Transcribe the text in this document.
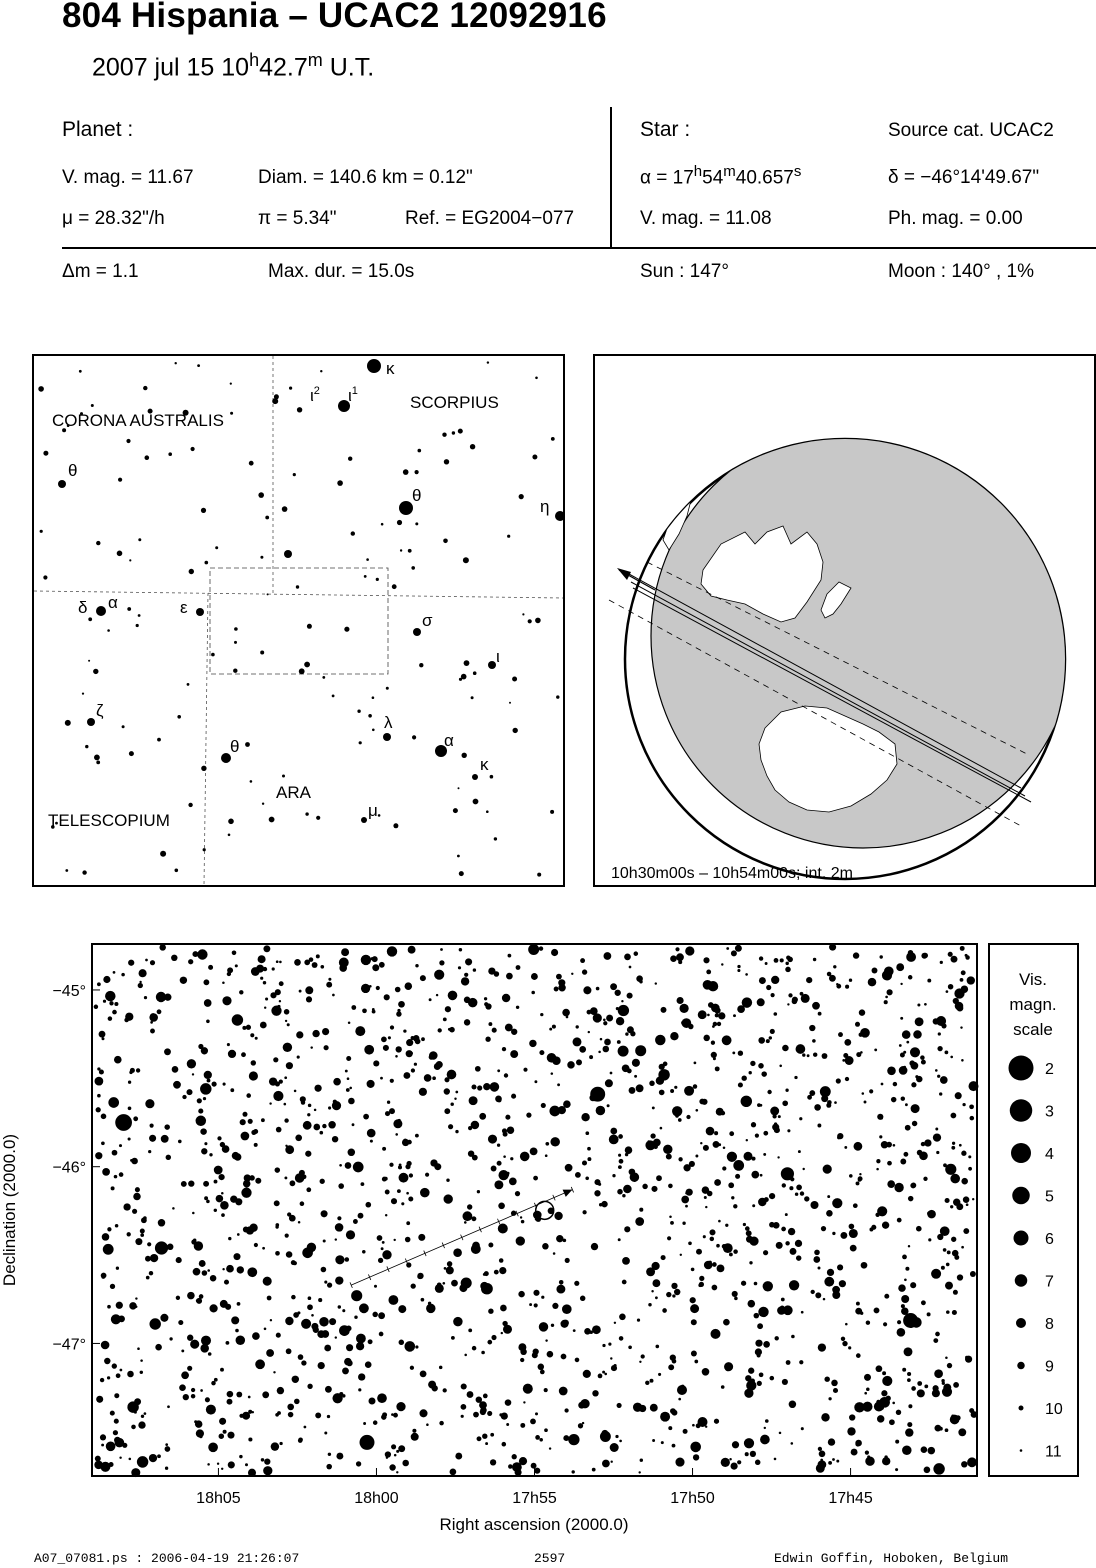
804 Hispania – UCAC2 12092916
2007 jul 15 10$^h$42.7$^m$ U.T.
Planet :
V. mag. = 11.67	Diam. = 140.6 km = 0.12"
μ = 28.32"/h	π = 5.34"	Ref. = EG2004−077
Star :	Source cat. UCAC2
$\alpha = 17^h54^m40.657^s$	δ = −46°14'49.67"
V. mag. = 11.08	Ph. mag. = 0.00
Δm = 1.1	Max. dur. = 15.0s	Sun : 147°	Moon : 140° , 1%
CORONA AUSTRALIS
SCORPIUS
TELESCOPIUM
ARA
κ
$\iota^2$ $\iota^1$
θ
θ
η
δ α	ε
σ
ι
ζ
λ
α
κ
θ
μ
10h30m00s – 10h54m00s; int. 2m
−45°
−46°
−47°
18h05	18h00	17h55	17h50	17h45
Right ascension (2000.0)
Declination (2000.0)
Vis.
magn.
scale
2
3
4
5
6
7
8
9
10
11
A07_07081.ps : 2006-04-19 21:26:07	2597	Edwin Goffin, Hoboken, Belgium
